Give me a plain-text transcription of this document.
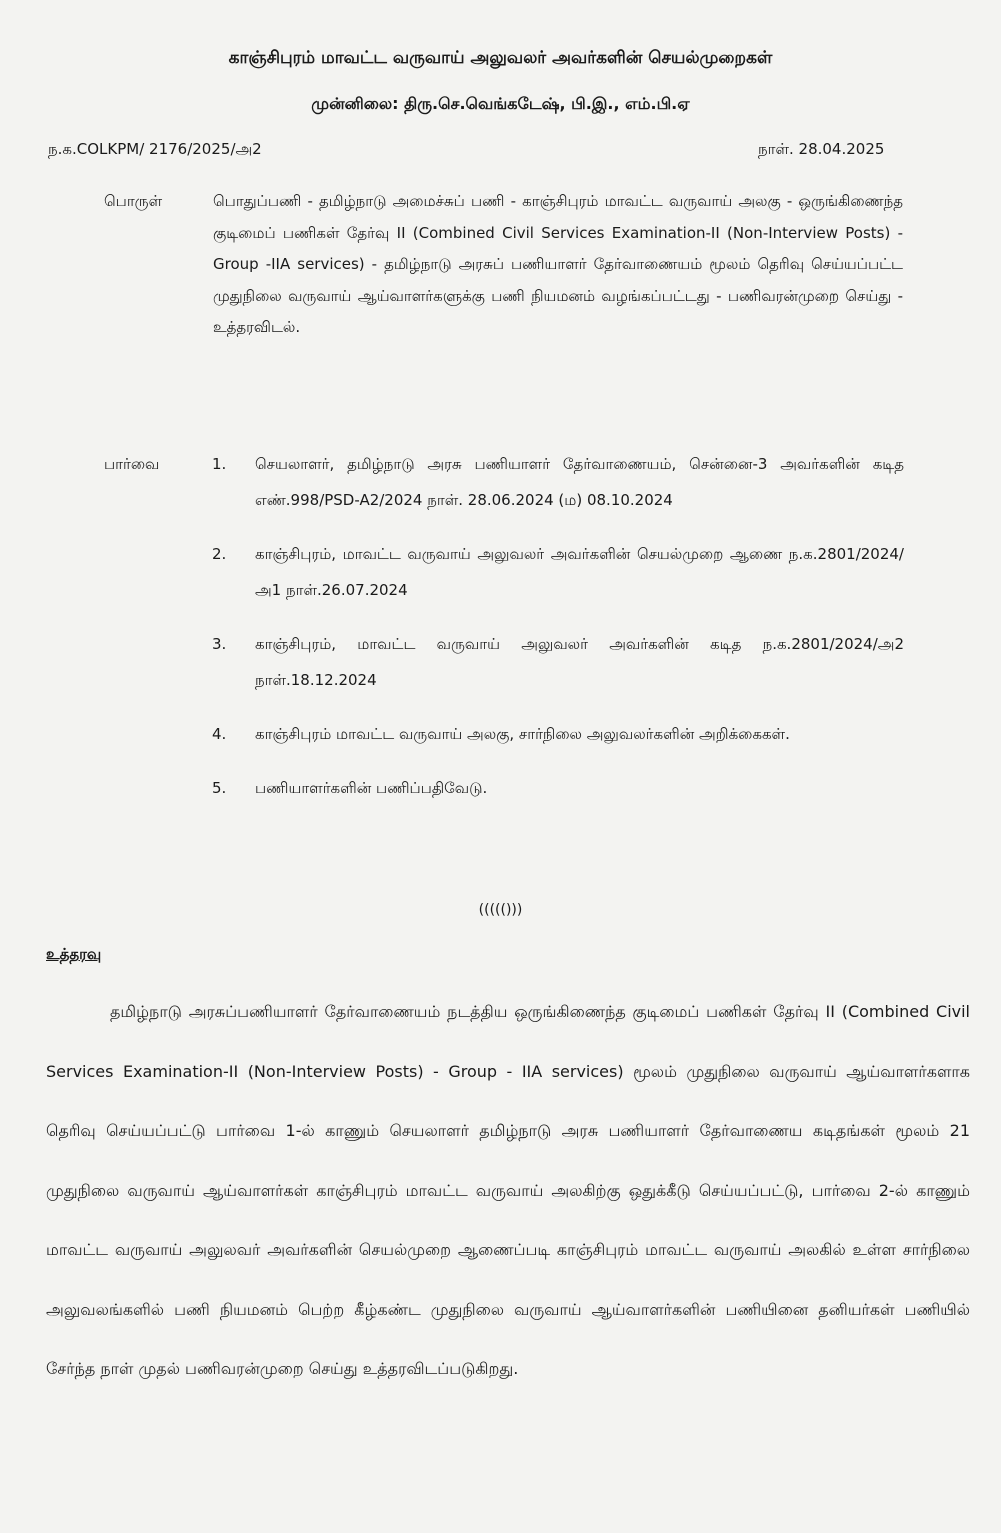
காஞ்சிபுரம் மாவட்ட வருவாய் அலுவலர் அவர்களின் செயல்முறைகள்
முன்னிலை: திரு.செ.வெங்கடேஷ், பி.இ., எம்.பி.ஏ
ந.க.COLKPM/ 2176/2025/அ2	நாள். 28.04.2025
பொருள்	பொதுப்பணி - தமிழ்நாடு அமைச்சுப் பணி - காஞ்சிபுரம் மாவட்ட வருவாய் அலகு - ஒருங்கிணைந்த குடிமைப் பணிகள் தேர்வு II (Combined Civil Services Examination-II (Non-Interview Posts) - Group -IIA services) - தமிழ்நாடு அரசுப் பணியாளர் தேர்வாணையம் மூலம் தெரிவு செய்யப்பட்ட முதுநிலை வருவாய் ஆய்வாளர்களுக்கு பணி நியமனம் வழங்கப்பட்டது - பணிவரன்முறை செய்து - உத்தரவிடல்.
பார்வை	1.	செயலாளர், தமிழ்நாடு அரசு பணியாளர் தேர்வாணையம், சென்னை-3 அவர்களின் கடித எண்.998/PSD-A2/2024 நாள். 28.06.2024 (ம) 08.10.2024
2.	காஞ்சிபுரம், மாவட்ட வருவாய் அலுவலர் அவர்களின் செயல்முறை ஆணை ந.க.2801/2024/அ1 நாள்.26.07.2024
3.	காஞ்சிபுரம், மாவட்ட வருவாய் அலுவலர் அவர்களின் கடித ந.க.2801/2024/அ2 நாள்.18.12.2024
4.	காஞ்சிபுரம் மாவட்ட வருவாய் அலகு, சார்நிலை அலுவலர்களின் அறிக்கைகள்.
5.	பணியாளர்களின் பணிப்பதிவேடு.
((((()))
உத்தரவு
தமிழ்நாடு அரசுப்பணியாளர் தேர்வாணையம் நடத்திய ஒருங்கிணைந்த குடிமைப் பணிகள் தேர்வு II (Combined Civil Services Examination-II (Non-Interview Posts) - Group - IIA services) மூலம் முதுநிலை வருவாய் ஆய்வாளர்களாக தெரிவு செய்யப்பட்டு பார்வை 1-ல் காணும் செயலாளர் தமிழ்நாடு அரசு பணியாளர் தேர்வாணைய கடிதங்கள் மூலம் 21 முதுநிலை வருவாய் ஆய்வாளர்கள் காஞ்சிபுரம் மாவட்ட வருவாய் அலகிற்கு ஒதுக்கீடு செய்யப்பட்டு, பார்வை 2-ல் காணும் மாவட்ட வருவாய் அலுலவர் அவர்களின் செயல்முறை ஆணைப்படி காஞ்சிபுரம் மாவட்ட வருவாய் அலகில் உள்ள சார்நிலை அலுவலங்களில் பணி நியமனம் பெற்ற கீழ்கண்ட முதுநிலை வருவாய் ஆய்வாளர்களின் பணியினை தனியர்கள் பணியில் சேர்ந்த நாள் முதல் பணிவரன்முறை செய்து உத்தரவிடப்படுகிறது.
